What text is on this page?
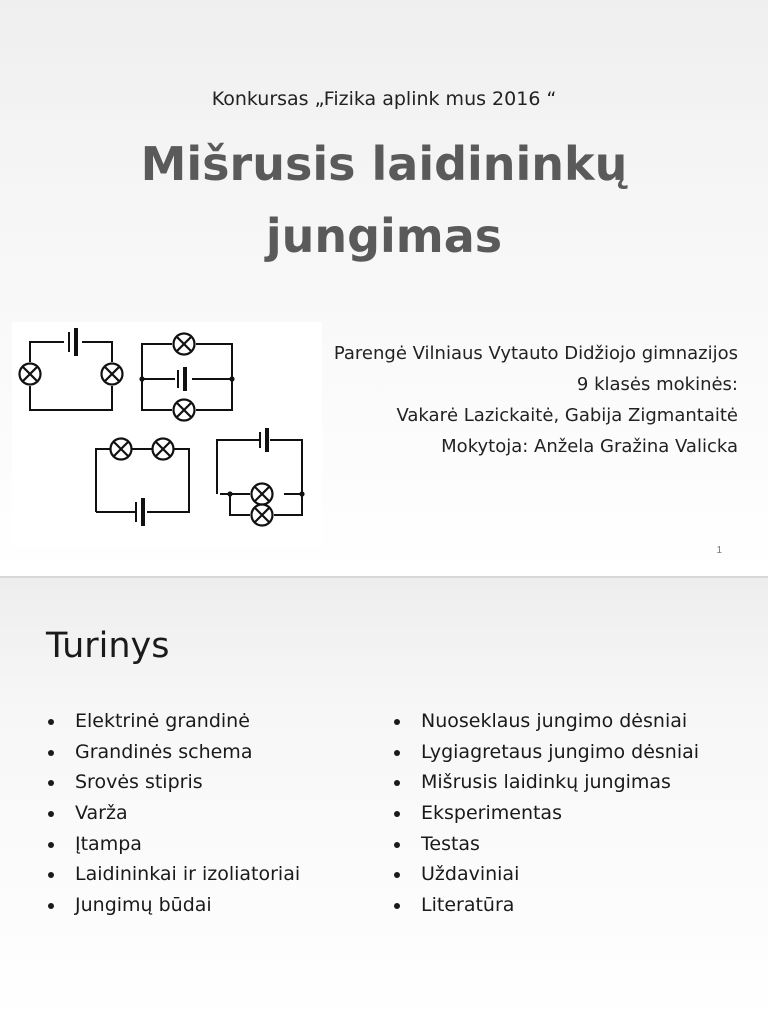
Konkursas „Fizika aplink mus 2016 “
Mišrusis laidininkų
jungimas
Parengė Vilniaus Vytauto Didžiojo gimnazijos
9 klasės mokinės:
Vakarė Lazickaitė, Gabija Zigmantaitė
Mokytoja: Anžela Gražina Valicka
1
Turinys
Elektrinė grandinė
Grandinės schema
Srovės stipris
Varža
Įtampa
Laidininkai ir izoliatoriai
Jungimų būdai
Nuoseklaus jungimo dėsniai
Lygiagretaus jungimo dėsniai
Mišrusis laidinkų jungimas
Eksperimentas
Testas
Uždaviniai
Literatūra
